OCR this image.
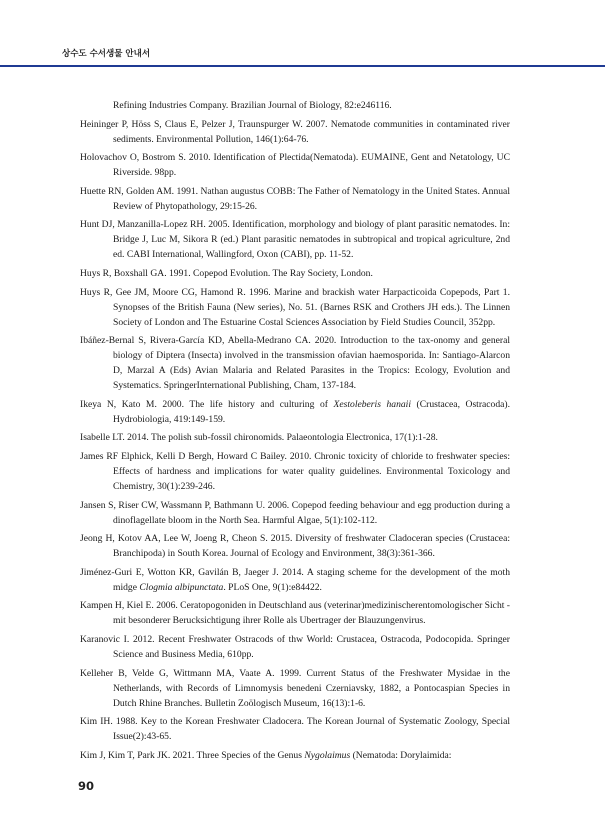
상수도 수서생물 안내서

Refining Industries Company. Brazilian Journal of Biology, 82:e246116.

Heininger P, Höss S, Claus E, Pelzer J, Traunspurger W. 2007. Nematode communities in contaminated river sediments. Environmental Pollution, 146(1):64-76.

Holovachov O, Bostrom S. 2010. Identification of Plectida(Nematoda). EUMAINE, Gent and Netatology, UC Riverside. 98pp.

Huette RN, Golden AM. 1991. Nathan augustus COBB: The Father of Nematology in the United States. Annual Review of Phytopathology, 29:15-26.

Hunt DJ, Manzanilla-Lopez RH. 2005. Identification, morphology and biology of plant parasitic nematodes. In: Bridge J, Luc M, Sikora R (ed.) Plant parasitic nematodes in subtropical and tropical agriculture, 2nd ed. CABI International, Wallingford, Oxon (CABI), pp. 11-52.

Huys R, Boxshall GA. 1991. Copepod Evolution. The Ray Society, London.

Huys R, Gee JM, Moore CG, Hamond R. 1996. Marine and brackish water Harpacticoida Copepods, Part 1. Synopses of the British Fauna (New series), No. 51. (Barnes RSK and Crothers JH eds.). The Linnen Society of London and The Estuarine Costal Sciences Association by Field Studies Council, 352pp.

Ibáñez-Bernal S, Rivera-García KD, Abella-Medrano CA. 2020. Introduction to the tax-onomy and general biology of Diptera (Insecta) involved in the transmission ofavian haemosporida. In: Santiago-Alarcon D, Marzal A (Eds) Avian Malaria and Related Parasites in the Tropics: Ecology, Evolution and Systematics. SpringerInternational Publishing, Cham, 137-184.

Ikeya N, Kato M. 2000. The life history and culturing of Xestoleberis hanaii (Crustacea, Ostracoda). Hydrobiologia, 419:149-159.

Isabelle LT. 2014. The polish sub-fossil chironomids. Palaeontologia Electronica, 17(1):1-28.

James RF Elphick, Kelli D Bergh, Howard C Bailey. 2010. Chronic toxicity of chloride to freshwater species: Effects of hardness and implications for water quality guidelines. Environmental Toxicology and Chemistry, 30(1):239-246.

Jansen S, Riser CW, Wassmann P, Bathmann U. 2006. Copepod feeding behaviour and egg production during a dinoflagellate bloom in the North Sea. Harmful Algae, 5(1):102-112.

Jeong H, Kotov AA, Lee W, Joeng R, Cheon S. 2015. Diversity of freshwater Cladoceran species (Crustacea: Branchipoda) in South Korea. Journal of Ecology and Environment, 38(3):361-366.

Jiménez-Guri E, Wotton KR, Gavilán B, Jaeger J. 2014. A staging scheme for the development of the moth midge Clogmia albipunctata. PLoS One, 9(1):e84422.

Kampen H, Kiel E. 2006. Ceratopogoniden in Deutschland aus (veterinar)medizinischerentomologischer Sicht - mit besonderer Berucksichtigung ihrer Rolle als Ubertrager der Blauzungenvirus.

Karanovic I. 2012. Recent Freshwater Ostracods of thw World: Crustacea, Ostracoda, Podocopida. Springer Science and Business Media, 610pp.

Kelleher B, Velde G, Wittmann MA, Vaate A. 1999. Current Status of the Freshwater Mysidae in the Netherlands, with Records of Limnomysis benedeni Czerniavsky, 1882, a Pontocaspian Species in Dutch Rhine Branches. Bulletin Zoölogisch Museum, 16(13):1-6.

Kim IH. 1988. Key to the Korean Freshwater Cladocera. The Korean Journal of Systematic Zoology, Special Issue(2):43-65.

Kim J, Kim T, Park JK. 2021. Three Species of the Genus Nygolaimus (Nematoda: Dorylaimida:

90
